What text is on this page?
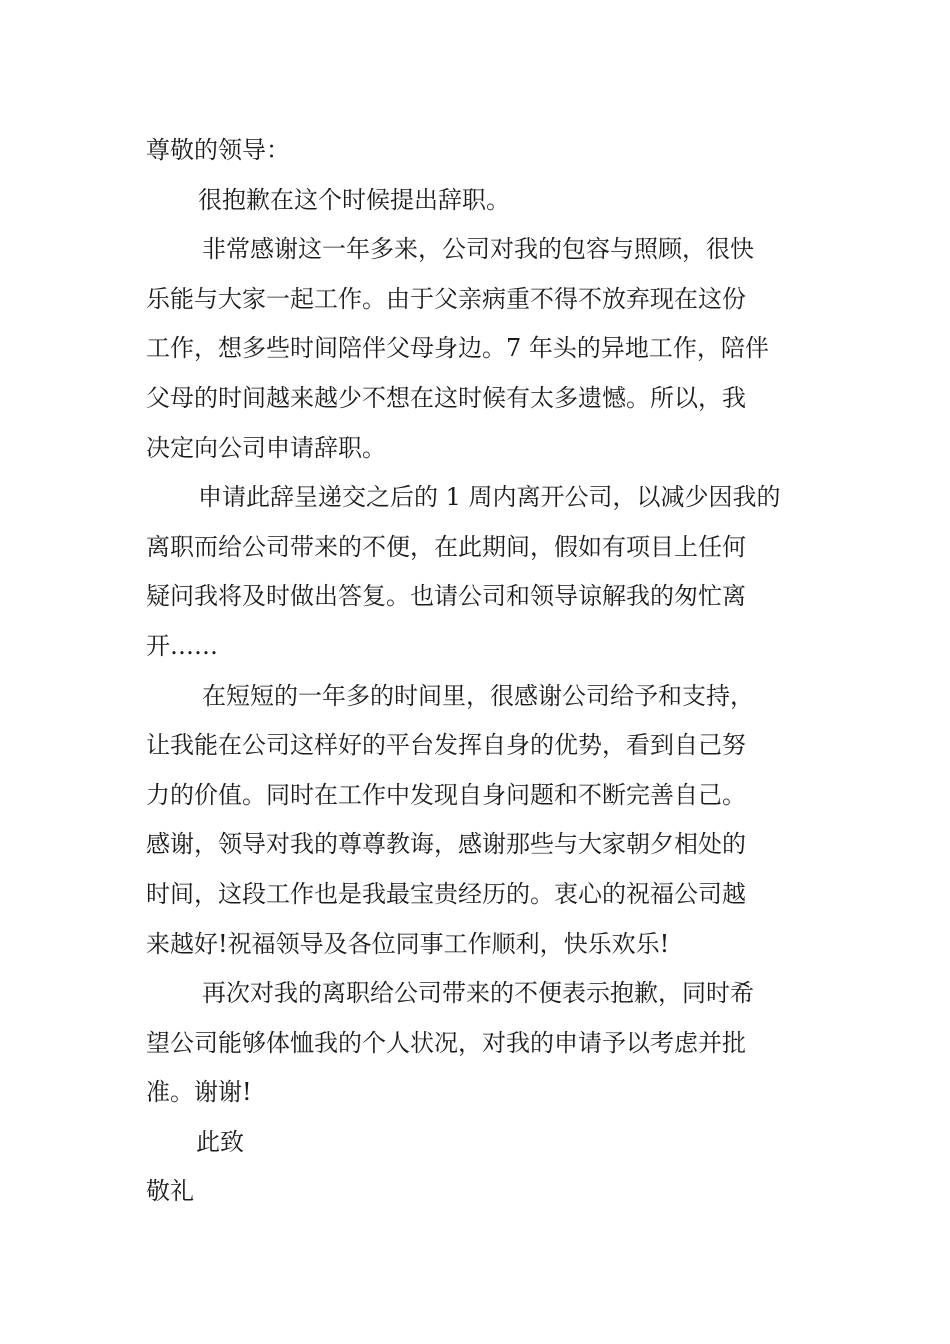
尊敬的领导：
很抱歉在这个时候提出辞职。
非常感谢这一年多来，公司对我的包容与照顾，很快
乐能与大家一起工作。由于父亲病重不得不放弃现在这份
工作，想多些时间陪伴父母身边。7 年头的异地工作，陪伴
父母的时间越来越少不想在这时候有太多遗憾。所以，我
决定向公司申请辞职。
申请此辞呈递交之后的 1 周内离开公司，以减少因我的
离职而给公司带来的不便，在此期间，假如有项目上任何
疑问我将及时做出答复。也请公司和领导谅解我的匆忙离
开……
在短短的一年多的时间里，很感谢公司给予和支持，
让我能在公司这样好的平台发挥自身的优势，看到自己努
力的价值。同时在工作中发现自身问题和不断完善自己。
感谢，领导对我的尊尊教诲，感谢那些与大家朝夕相处的
时间，这段工作也是我最宝贵经历的。衷心的祝福公司越
来越好!祝福领导及各位同事工作顺利，快乐欢乐!
再次对我的离职给公司带来的不便表示抱歉，同时希
望公司能够体恤我的个人状况，对我的申请予以考虑并批
准。谢谢!
此致
敬礼
